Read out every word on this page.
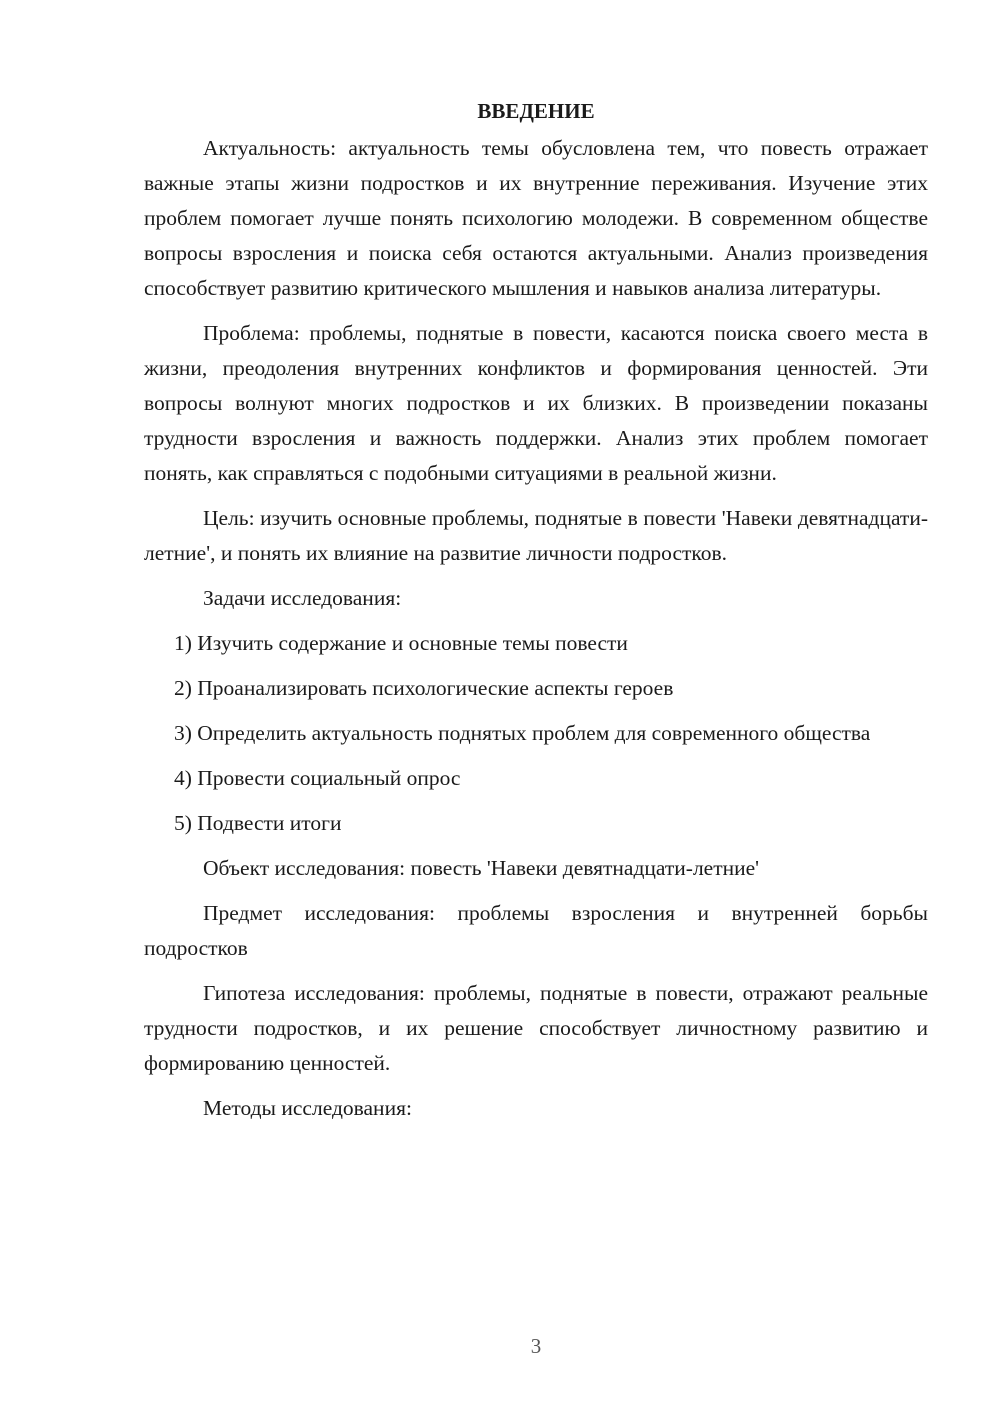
ВВЕДЕНИЕ

Актуальность: актуальность темы обусловлена тем, что повесть отражает важные этапы жизни подростков и их внутренние переживания. Изучение этих проблем помогает лучше понять психологию молодежи. В современном обществе вопросы взросления и поиска себя остаются актуальными. Анализ произведения способствует развитию критического мышления и навыков анализа литературы.

Проблема: проблемы, поднятые в повести, касаются поиска своего места в жизни, преодоления внутренних конфликтов и формирования ценностей. Эти вопросы волнуют многих подростков и их близких. В произведении показаны трудности взросления и важность поддержки. Анализ этих проблем помогает понять, как справляться с подобными ситуациями в реальной жизни.

Цель: изучить основные проблемы, поднятые в повести 'Навеки девятнадцати-летние', и понять их влияние на развитие личности подростков.

Задачи исследования:

1) Изучить содержание и основные темы повести

2) Проанализировать психологические аспекты героев

3) Определить актуальность поднятых проблем для современного общества

4) Провести социальный опрос

5) Подвести итоги

Объект исследования: повесть 'Навеки девятнадцати-летние'

Предмет исследования: проблемы взросления и внутренней борьбы подростков

Гипотеза исследования: проблемы, поднятые в повести, отражают реальные трудности подростков, и их решение способствует личностному развитию и формированию ценностей.

Методы исследования:

3
